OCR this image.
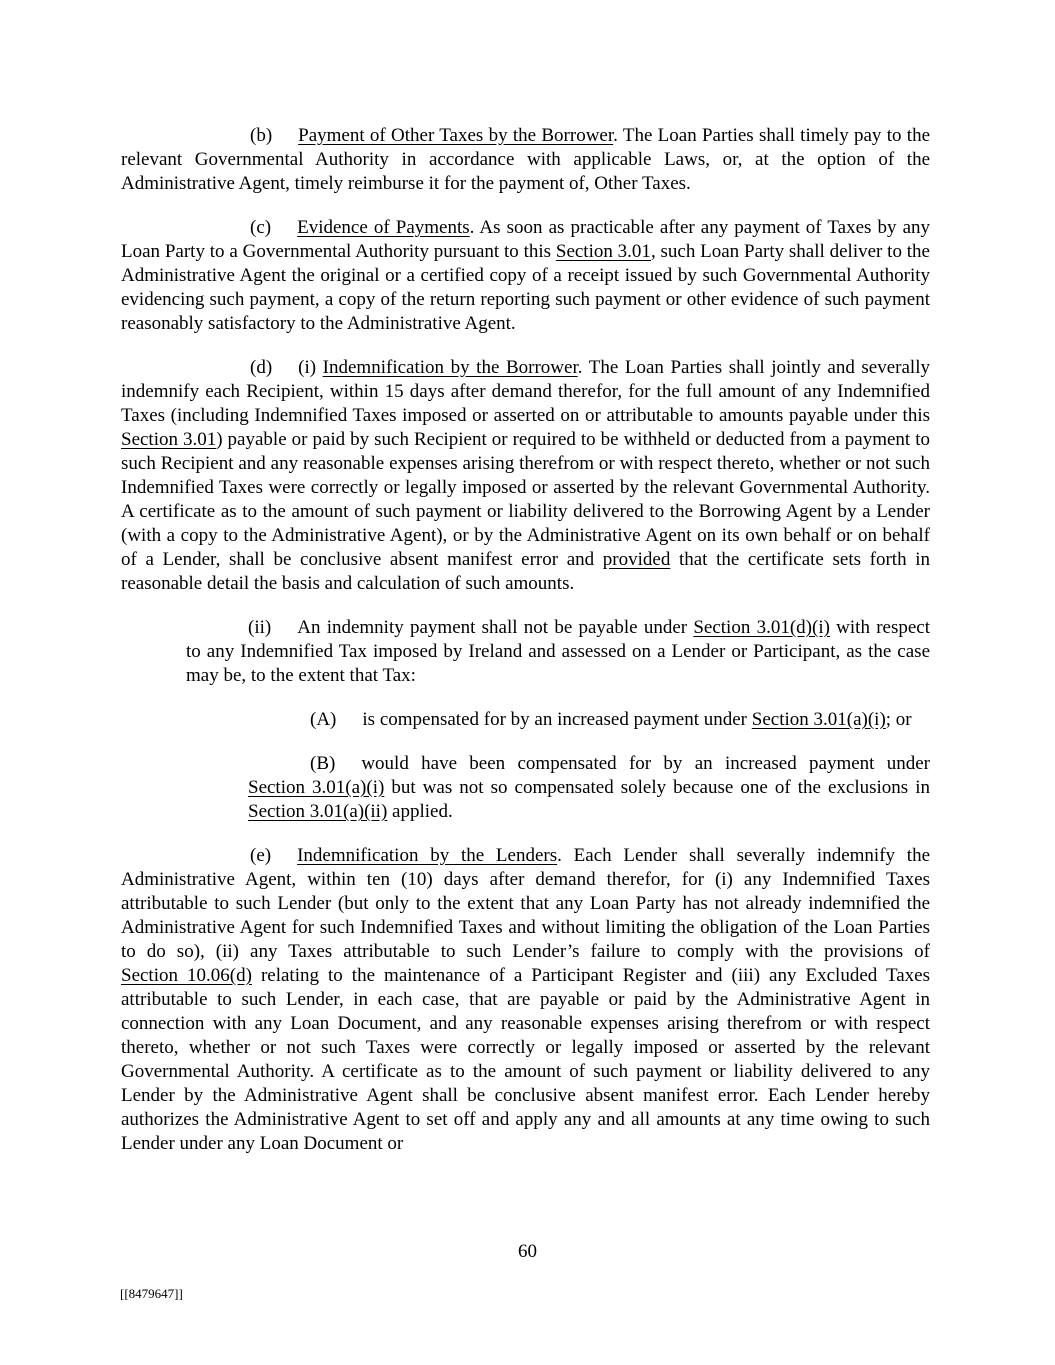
(b) Payment of Other Taxes by the Borrower. The Loan Parties shall timely pay to the relevant Governmental Authority in accordance with applicable Laws, or, at the option of the Administrative Agent, timely reimburse it for the payment of, Other Taxes.

(c) Evidence of Payments. As soon as practicable after any payment of Taxes by any Loan Party to a Governmental Authority pursuant to this Section 3.01, such Loan Party shall deliver to the Administrative Agent the original or a certified copy of a receipt issued by such Governmental Authority evidencing such payment, a copy of the return reporting such payment or other evidence of such payment reasonably satisfactory to the Administrative Agent.

(d) (i) Indemnification by the Borrower. The Loan Parties shall jointly and severally indemnify each Recipient, within 15 days after demand therefor, for the full amount of any Indemnified Taxes (including Indemnified Taxes imposed or asserted on or attributable to amounts payable under this Section 3.01) payable or paid by such Recipient or required to be withheld or deducted from a payment to such Recipient and any reasonable expenses arising therefrom or with respect thereto, whether or not such Indemnified Taxes were correctly or legally imposed or asserted by the relevant Governmental Authority. A certificate as to the amount of such payment or liability delivered to the Borrowing Agent by a Lender (with a copy to the Administrative Agent), or by the Administrative Agent on its own behalf or on behalf of a Lender, shall be conclusive absent manifest error and provided that the certificate sets forth in reasonable detail the basis and calculation of such amounts.

(ii) An indemnity payment shall not be payable under Section 3.01(d)(i) with respect to any Indemnified Tax imposed by Ireland and assessed on a Lender or Participant, as the case may be, to the extent that Tax:

(A) is compensated for by an increased payment under Section 3.01(a)(i); or

(B) would have been compensated for by an increased payment under Section 3.01(a)(i) but was not so compensated solely because one of the exclusions in Section 3.01(a)(ii) applied.

(e) Indemnification by the Lenders. Each Lender shall severally indemnify the Administrative Agent, within ten (10) days after demand therefor, for (i) any Indemnified Taxes attributable to such Lender (but only to the extent that any Loan Party has not already indemnified the Administrative Agent for such Indemnified Taxes and without limiting the obligation of the Loan Parties to do so), (ii) any Taxes attributable to such Lender’s failure to comply with the provisions of Section 10.06(d) relating to the maintenance of a Participant Register and (iii) any Excluded Taxes attributable to such Lender, in each case, that are payable or paid by the Administrative Agent in connection with any Loan Document, and any reasonable expenses arising therefrom or with respect thereto, whether or not such Taxes were correctly or legally imposed or asserted by the relevant Governmental Authority. A certificate as to the amount of such payment or liability delivered to any Lender by the Administrative Agent shall be conclusive absent manifest error. Each Lender hereby authorizes the Administrative Agent to set off and apply any and all amounts at any time owing to such Lender under any Loan Document or

60
[[8479647]]
